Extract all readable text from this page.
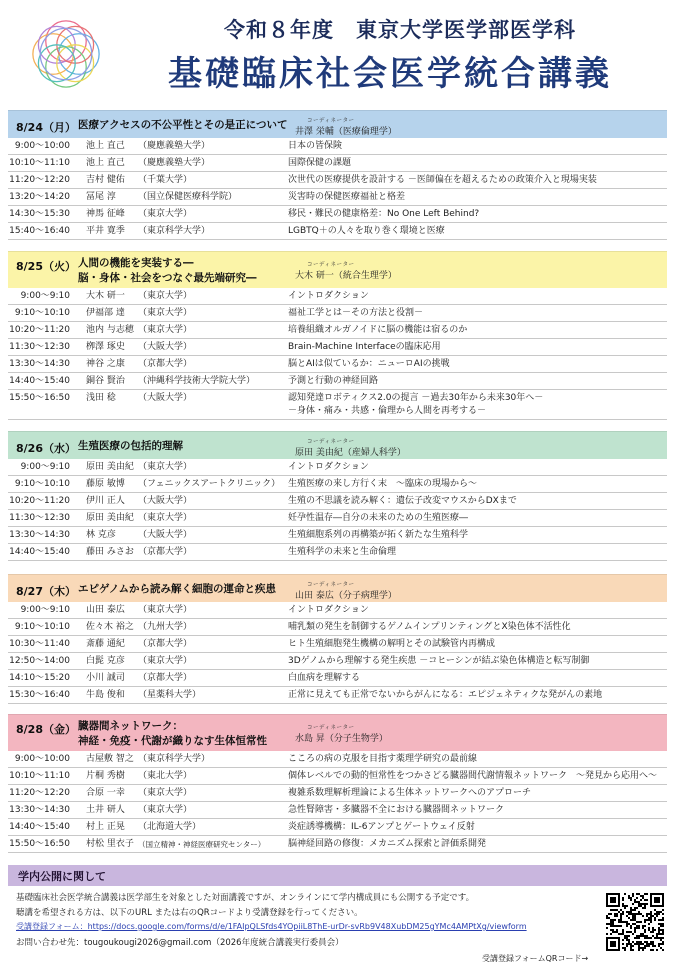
令和８年度　東京大学医学部医学科
基礎臨床社会医学統合講義
8/24（月） 医療アクセスの不公平性とその是正について	コーディネーター
井澤 栄輔（医療倫理学）
9:00～10:00 池上 直己 （慶應義塾大学）	日本の皆保険
10:10～11:10 池上 直己 （慶應義塾大学）	国際保健の課題
11:20～12:20 吉村 健佑 （千葉大学）	次世代の医療提供を設計する －医師偏在を超えるための政策介入と現場実装
13:20～14:20 冨尾 淳 （国立保健医療科学院）	災害時の保健医療福祉と格差
14:30～15:30 神馬 征峰 （東京大学）	移民・難民の健康格差：No One Left Behind?
15:40～16:40 平井 寛季 （東京科学大学）	LGBTQ＋の人々を取り巻く環境と医療
8/25（火） 人間の機能を実装する―
脳・身体・社会をつなぐ最先端研究―
コーディネーター
大木 研一（統合生理学）
9:00～9:10 大木 研一 （東京大学）	イントロダクション
9:10～10:10 伊福部 達 （東京大学）	福祉工学とは－その方法と役割－
10:20～11:20 池内 与志穂 （東京大学）	培養組織オルガノイドに脳の機能は宿るのか
11:30～12:30 栁澤 琢史 （大阪大学）	Brain-Machine Interfaceの臨床応用
13:30～14:30 神谷 之康 （京都大学）	脳とAIは似ているか：ニューロAIの挑戦
14:40～15:40 銅谷 賢治 （沖縄科学技術大学院大学）	予測と行動の神経回路
15:50～16:50 浅田 稔 （大阪大学）	認知発達ロボティクス2.0の提言 －過去30年から未来30年へ－
－身体・痛み・共感・倫理から人間を再考する－
8/26（水） 生殖医療の包括的理解	コーディネーター
原田 美由紀（産婦人科学）
9:00～9:10 原田 美由紀 （東京大学）	イントロダクション
9:10～10:10 藤原 敏博 （フェニックスアートクリニック） 生殖医療の来し方行く末　～臨床の現場から～
10:20～11:20 伊川 正人 （大阪大学）	生殖の不思議を読み解く：遺伝子改変マウスからDXまで
11:30～12:30 原田 美由紀 （東京大学）	妊孕性温存―自分の未来のための生殖医療―
13:30～14:30 林 克彦 （大阪大学）	生殖細胞系列の再構築が拓く新たな生殖科学
14:40～15:40 藤田 みさお （京都大学）	生殖科学の未来と生命倫理
8/27（木） エピゲノムから読み解く細胞の運命と疾患	コーディネーター
山田 泰広（分子病理学）
9:00～9:10 山田 泰広 （東京大学）	イントロダクション
9:10～10:10 佐々木 裕之 （九州大学）	哺乳類の発生を制御するゲノムインプリンティングとX染色体不活性化
10:30～11:40 斎藤 通紀 （京都大学）	ヒト生殖細胞発生機構の解明とその試験管内再構成
12:50～14:00 白髭 克彦 （東京大学）	3Dゲノムから理解する発生疾患 －コヒーシンが結ぶ染色体構造と転写制御
14:10～15:20 小川 誠司 （京都大学）	白血病を理解する
15:30～16:40 牛島 俊和 （星薬科大学）	正常に見えても正常でないからがんになる：エピジェネティクな発がんの素地
8/28（金） 臓器間ネットワーク：
神経・免疫・代謝が織りなす生体恒常性
コーディネーター
水島 昇（分子生物学）
9:00～10:00 古屋敷 智之 （東京科学大学）	こころの病の克服を目指す薬理学研究の最前線
10:10～11:10 片桐 秀樹 （東北大学）	個体レベルでの動的恒常性をつかさどる臓器間代謝情報ネットワーク　～発見から応用へ～
11:20～12:20 合原 一幸 （東京大学）	複雑系数理解析理論による生体ネットワークへのアプローチ
13:30～14:30 土井 研人 （東京大学）	急性腎障害・多臓器不全における臓器間ネットワーク
14:40～15:40 村上 正晃 （北海道大学）	炎症誘導機構：IL-6アンプとゲートウェイ反射
15:50～16:50 村松 里衣子 （国立精神・神経医療研究センター）	脳神経回路の修復：メカニズム探索と評価系開発
学内公開に関して
基礎臨床社会医学統合講義は医学部生を対象とした対面講義ですが、オンラインにて学内構成員にも公開する予定です。
聴講を希望される方は、以下のURL または右のQRコードより受講登録を行ってください。
受講登録フォーム：https://docs.google.com/forms/d/e/1FAIpQLSfds4YOpiiL8ThE-urDr-svRb9V48XubDM25gYMc4AMPtXg/viewform
お問い合わせ先：tougoukougi2026@gmail.com（2026年度統合講義実行委員会）
受講登録フォームQRコード→
